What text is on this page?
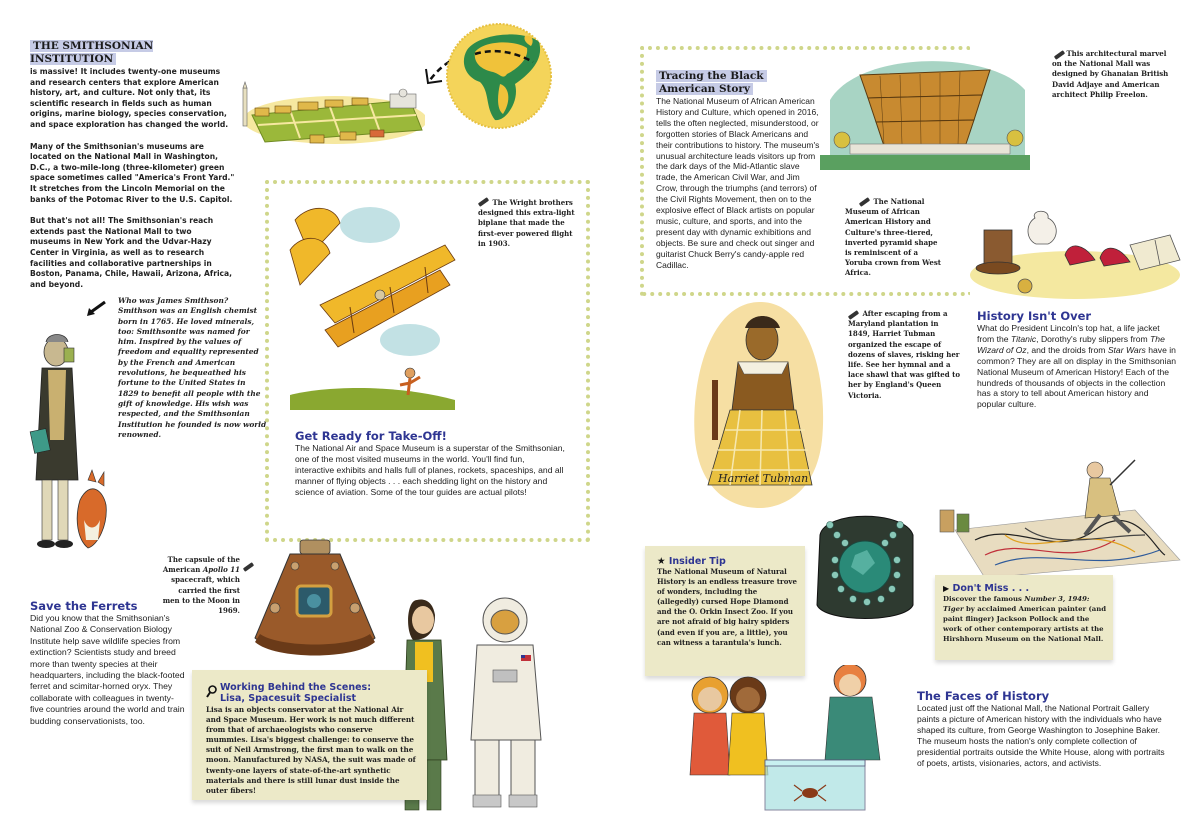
THE SMITHSONIAN INSTITUTION

is massive! It includes twenty-one museums and research centers that explore American history, art, and culture. Not only that, its scientific research in fields such as human origins, marine biology, species conservation, and space exploration has changed the world.

Many of the Smithsonian's museums are located on the National Mall in Washington, D.C., a two-mile-long (three-kilometer) green space sometimes called "America's Front Yard." It stretches from the Lincoln Memorial on the banks of the Potomac River to the U.S. Capitol.

But that's not all! The Smithsonian's reach extends past the National Mall to two museums in New York and the Udvar-Hazy Center in Virginia, as well as to research facilities and collaborative partnerships in Boston, Panama, Chile, Hawaii, Arizona, Africa, and beyond.

Who was James Smithson?
Smithson was an English chemist born in 1765. He loved minerals, too: Smithsonite was named for him. Inspired by the values of freedom and equality represented by the French and American revolutions, he bequeathed his fortune to the United States in 1829 to benefit all people with the gift of knowledge. His wish was respected, and the Smithsonian Institution he founded is now world renowned.
Save the Ferrets
Did you know that the Smithsonian's National Zoo & Conservation Biology Institute help save wildlife species from extinction? Scientists study and breed more than twenty species at their headquarters, including the black-footed ferret and scimitar-horned oryx. They collaborate with colleagues in twenty-five countries around the world and train budding conservationists, too.
The Wright brothers designed this extra-light biplane that made the first-ever powered flight in 1903.
Get Ready for Take-Off!
The National Air and Space Museum is a superstar of the Smithsonian, one of the most visited museums in the world. You'll find fun, interactive exhibits and halls full of planes, rockets, spaceships, and all manner of flying objects . . . each shedding light on the history and science of aviation. Some of the tour guides are actual pilots!
The capsule of the American Apollo 11 spacecraft, which carried the first men to the Moon in 1969.
Working Behind the Scenes:
Lisa, Spacesuit Specialist
Lisa is an objects conservator at the National Air and Space Museum. Her work is not much different from that of archaeologists who conserve mummies. Lisa's biggest challenge: to conserve the suit of Neil Armstrong, the first man to walk on the moon. Manufactured by NASA, the suit was made of twenty-one layers of state-of-the-art synthetic materials and there is still lunar dust inside the outer fibers!
Tracing the Black
American Story
The National Museum of African American History and Culture, which opened in 2016, tells the often neglected, misunderstood, or forgotten stories of Black Americans and their contributions to history. The museum's unusual architecture leads visitors up from the dark days of the Mid-Atlantic slave trade, the American Civil War, and Jim Crow, through the triumphs (and terrors) of the Civil Rights Movement, then on to the explosive effect of Black artists on popular music, culture, and sports, and into the present day with dynamic exhibitions and objects. Be sure and check out singer and guitarist Chuck Berry's candy-apple red Cadillac.
This architectural marvel on the National Mall was designed by Ghanaian British David Adjaye and American architect Philip Freelon.
The National Museum of African American History and Culture's three-tiered, inverted pyramid shape is reminiscent of a Yoruba crown from West Africa.
Harriet Tubman
After escaping from a Maryland plantation in 1849, Harriet Tubman organized the escape of dozens of slaves, risking her life. See her hymnal and a lace shawl that was gifted to her by England's Queen Victoria.
History Isn't Over
What do President Lincoln's top hat, a life jacket from the Titanic, Dorothy's ruby slippers from The Wizard of Oz, and the droids from Star Wars have in common? They are all on display in the Smithsonian National Museum of American History! Each of the hundreds of thousands of objects in the collection has a story to tell about American history and popular culture.
★ Insider Tip
The National Museum of Natural History is an endless treasure trove of wonders, including the (allegedly) cursed Hope Diamond and the O. Orkin Insect Zoo. If you are not afraid of big hairy spiders (and even if you are, a little), you can witness a tarantula's lunch.
▶ Don't Miss . . .
Discover the famous Number 3, 1949: Tiger by acclaimed American painter (and paint flinger) Jackson Pollock and the work of other contemporary artists at the Hirshhorn Museum on the National Mall.
The Faces of History
Located just off the National Mall, the National Portrait Gallery paints a picture of American history with the individuals who have shaped its culture, from George Washington to Josephine Baker. The museum hosts the nation's only complete collection of presidential portraits outside the White House, along with portraits of poets, artists, visionaries, actors, and activists.
